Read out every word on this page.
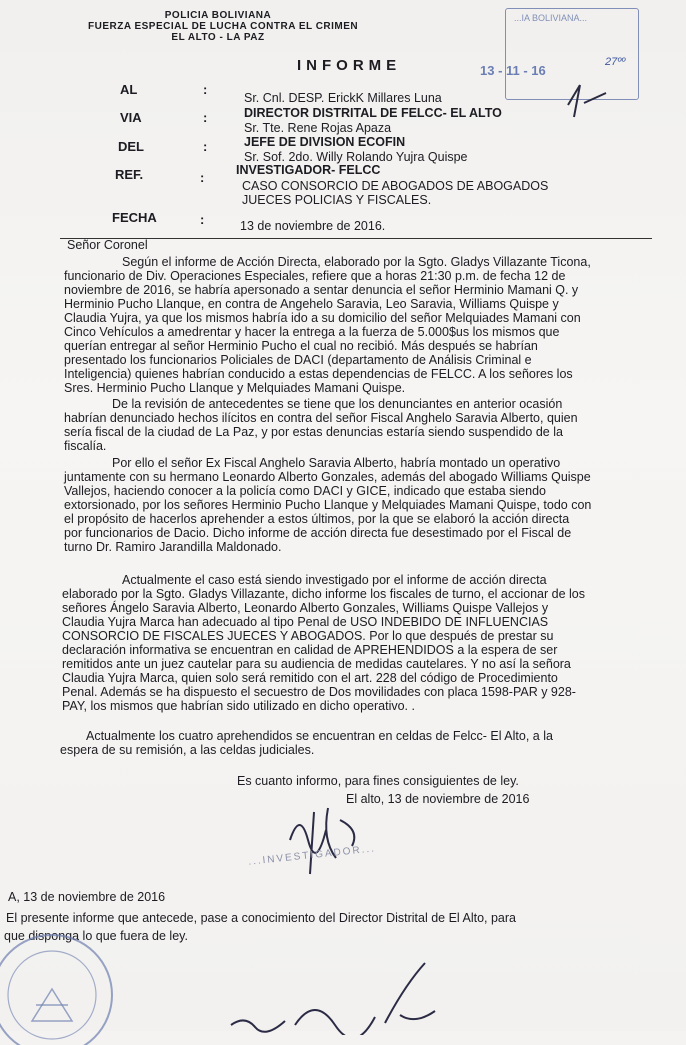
POLICIA BOLIVIANA
FUERZA ESPECIAL DE LUCHA CONTRA EL CRIMEN
EL ALTO - LA PAZ
...IA BOLIVIANA...
13 - 11 - 16
27ºº
INFORME
AL	:
Sr. Cnl. DESP. ErickK Millares Luna
DIRECTOR DISTRITAL DE FELCC- EL ALTO
VIA	:
Sr. Tte. Rene Rojas Apaza
JEFE DE DIVISION ECOFIN
DEL	:
Sr. Sof. 2do. Willy Rolando Yujra Quispe
INVESTIGADOR- FELCC
REF.	:
CASO CONSORCIO DE ABOGADOS DE ABOGADOS
JUECES POLICIAS Y FISCALES.
FECHA	:	13 de noviembre de 2016.
Señor Coronel
Según el informe de Acción Directa, elaborado por la Sgto. Gladys Villazante Ticona,
funcionario de Div. Operaciones Especiales, refiere que a horas 21:30 p.m. de fecha 12 de
noviembre de 2016, se habría apersonado a sentar denuncia el señor Herminio Mamani Q. y
Herminio Pucho Llanque, en contra de Angehelo Saravia, Leo Saravia, Williams Quispe y
Claudia Yujra, ya que los mismos habría ido a su domicilio del señor Melquiades Mamani con
Cinco Vehículos a amedrentar y hacer la entrega a la fuerza de 5.000$us los mismos que
querían entregar al señor Herminio Pucho el cual no recibió. Más después se habrían
presentado los funcionarios Policiales de DACI (departamento de Análisis Criminal e
Inteligencia) quienes habrían conducido a estas dependencias de FELCC. A los señores los
Sres. Herminio Pucho Llanque y Melquiades Mamani Quispe.
De la revisión de antecedentes se tiene que los denunciantes en anterior ocasión
habrían denunciado hechos ilícitos en contra del señor Fiscal Anghelo Saravia Alberto, quien
sería fiscal de la ciudad de La Paz, y por estas denuncias estaría siendo suspendido de la
fiscalía.
Por ello el señor Ex Fiscal Anghelo Saravia Alberto, habría montado un operativo
juntamente con su hermano Leonardo Alberto Gonzales, además del abogado Williams Quispe
Vallejos, haciendo conocer a la policía como DACI y GICE, indicado que estaba siendo
extorsionado, por los señores Herminio Pucho Llanque y Melquiades Mamani Quispe, todo con
el propósito de hacerlos aprehender a estos últimos, por la que se elaboró la acción directa
por funcionarios de Dacio. Dicho informe de acción directa fue desestimado por el Fiscal de
turno Dr. Ramiro Jarandilla Maldonado.
Actualmente el caso está siendo investigado por el informe de acción directa
elaborado por la Sgto. Gladys Villazante, dicho informe los fiscales de turno, el accionar de los
señores Ángelo Saravia Alberto, Leonardo Alberto Gonzales, Williams Quispe Vallejos y
Claudia Yujra Marca han adecuado al tipo Penal de USO INDEBIDO DE INFLUENCIAS
CONSORCIO DE FISCALES JUECES Y ABOGADOS. Por lo que después de prestar su
declaración informativa se encuentran en calidad de APREHENDIDOS a la espera de ser
remitidos ante un juez cautelar para su audiencia de medidas cautelares. Y no así la señora
Claudia Yujra Marca, quien solo será remitido con el art. 228 del código de Procedimiento
Penal. Además se ha dispuesto el secuestro de Dos movilidades con placa 1598-PAR y 928-
PAY, los mismos que habrían sido utilizado en dicho operativo. .
Actualmente los cuatro aprehendidos se encuentran en celdas de Felcc- El Alto, a la
espera de su remisión, a las celdas judiciales.
Es cuanto informo, para fines consiguientes de ley.
El alto, 13 de noviembre de 2016
...INVESTIGADOR...
A, 13 de noviembre de 2016
El presente informe que antecede, pase a conocimiento del Director Distrital de El Alto, para
que disponga lo que fuera de ley.
